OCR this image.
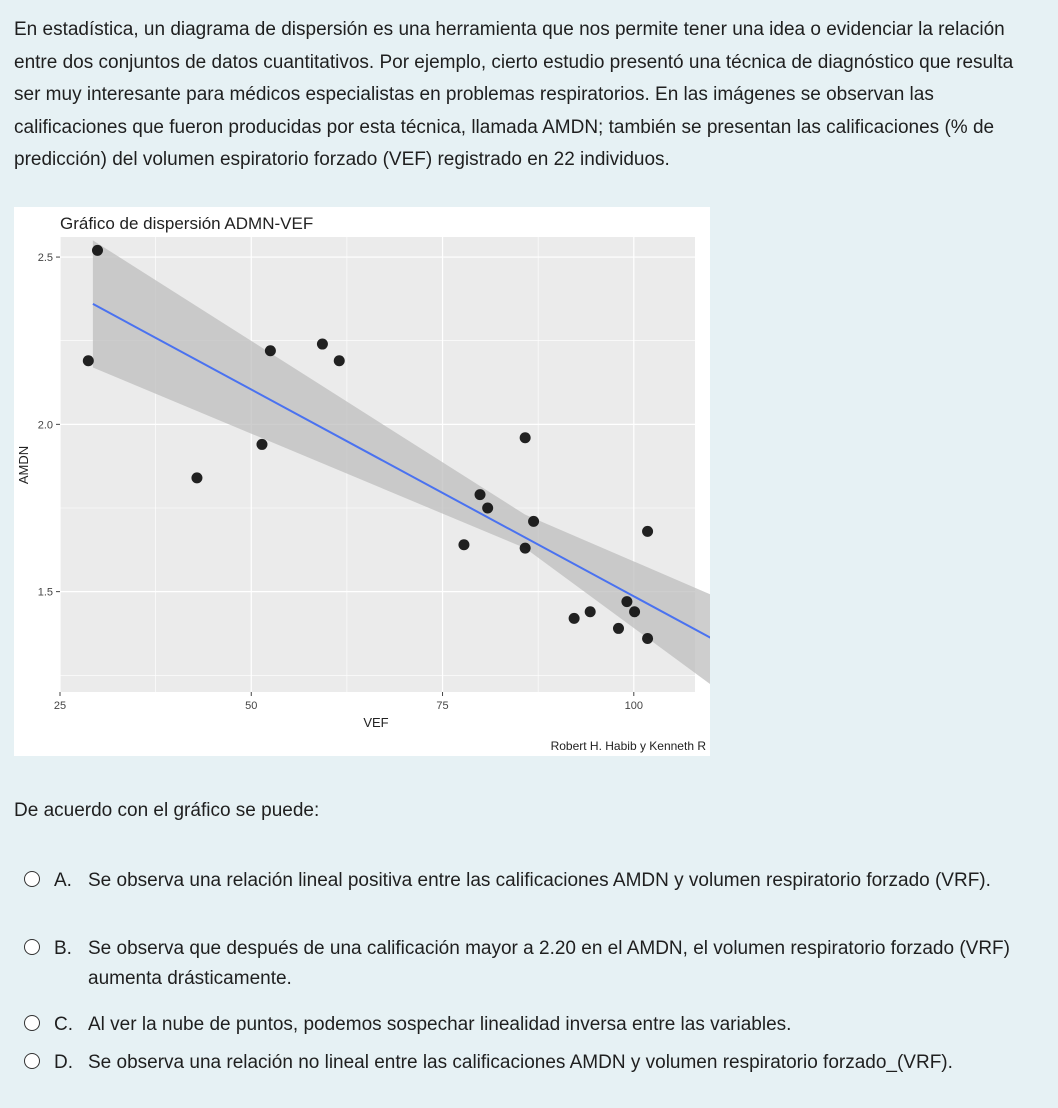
En estadística, un diagrama de dispersión es una herramienta que nos permite tener una idea o evidenciar la relación entre dos conjuntos de datos cuantitativos. Por ejemplo, cierto estudio presentó una técnica de diagnóstico que resulta ser muy interesante para médicos especialistas en problemas respiratorios. En las imágenes se observan las calificaciones que fueron producidas por esta técnica, llamada AMDN; también se presentan las calificaciones (% de predicción) del volumen espiratorio forzado (VEF) registrado en 22 individuos.

Gráfico de dispersión ADMN-VEF
25	50	75	100
1.5
2.0
2.5
VEF
AMDN
Robert H. Habib y Kenneth R

De acuerdo con el gráfico se puede:

A. Se observa una relación lineal positiva entre las calificaciones AMDN y volumen respiratorio forzado (VRF).
B. Se observa que después de una calificación mayor a 2.20 en el AMDN, el volumen respiratorio forzado (VRF) aumenta drásticamente.
C. Al ver la nube de puntos, podemos sospechar linealidad inversa entre las variables.
D. Se observa una relación no lineal entre las calificaciones AMDN y volumen respiratorio forzado_(VRF).
